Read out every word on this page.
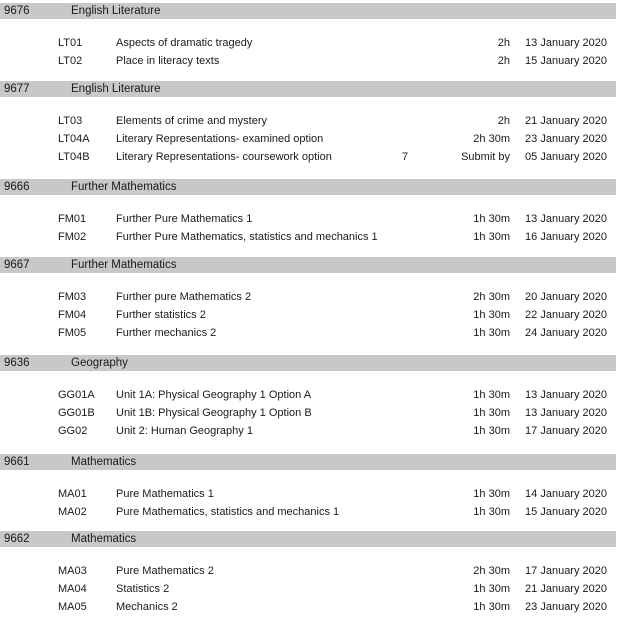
9676	English Literature
LT01	Aspects of dramatic tragedy	2h 13 January 2020
LT02	Place in literacy texts	2h 15 January 2020
9677	English Literature
LT03	Elements of crime and mystery	2h 21 January 2020
LT04A Literary Representations- examined option	2h 30m 23 January 2020
LT04B Literary Representations- coursework option	7	Submit by 05 January 2020
9666	Further Mathematics
FM01	Further Pure Mathematics 1	1h 30m 13 January 2020
FM02	Further Pure Mathematics, statistics and mechanics 1	1h 30m 16 January 2020
9667	Further Mathematics
FM03	Further pure Mathematics 2	2h 30m 20 January 2020
FM04	Further statistics 2	1h 30m 22 January 2020
FM05	Further mechanics 2	1h 30m 24 January 2020
9636	Geography
GG01A Unit 1A: Physical Geography 1 Option A	1h 30m 13 January 2020
GG01B Unit 1B: Physical Geography 1 Option B	1h 30m 13 January 2020
GG02	Unit 2: Human Geography 1	1h 30m 17 January 2020
9661	Mathematics
MA01	Pure Mathematics 1	1h 30m 14 January 2020
MA02	Pure Mathematics, statistics and mechanics 1	1h 30m 15 January 2020
9662	Mathematics
MA03	Pure Mathematics 2	2h 30m 17 January 2020
MA04	Statistics 2	1h 30m 21 January 2020
MA05	Mechanics 2	1h 30m 23 January 2020
